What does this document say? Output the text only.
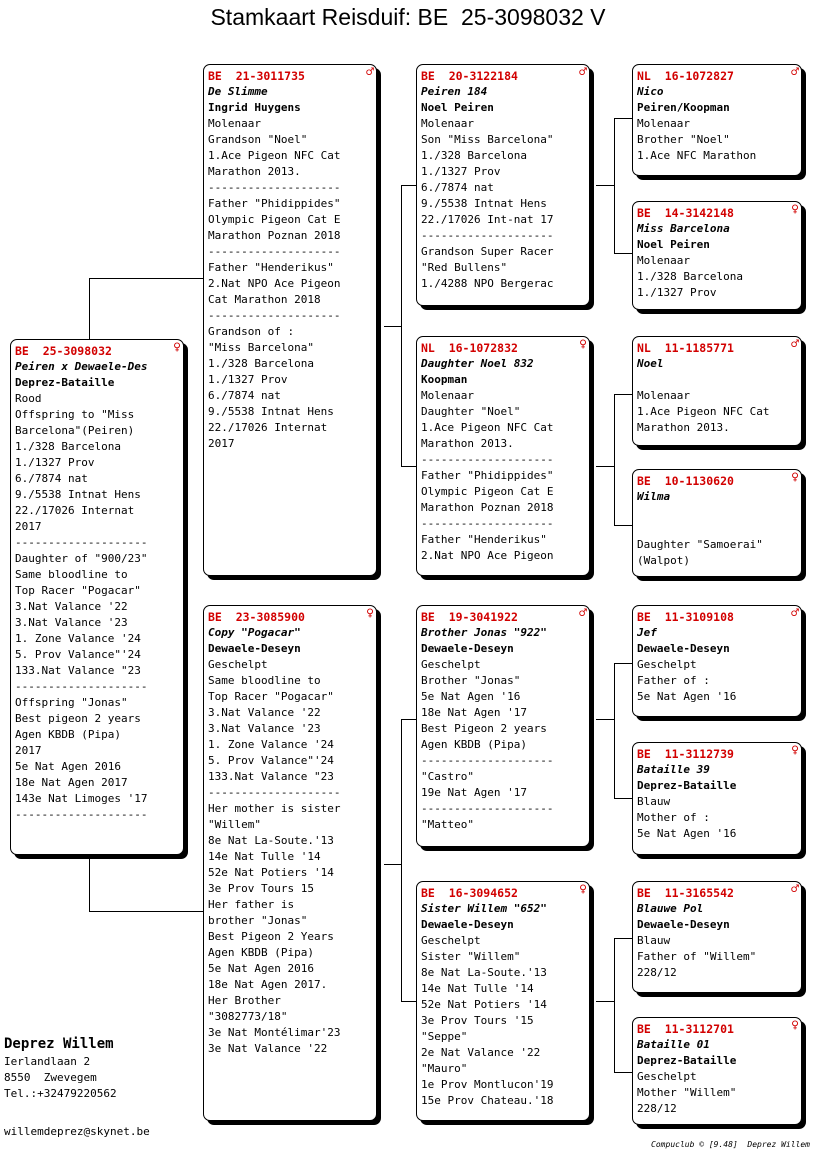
Stamkaart Reisduif: BE  25-3098032 V
BE  25-3098032	♀
Peiren x Dewaele-Des
Deprez-Bataille
Rood
Offspring to "Miss
Barcelona"(Peiren)
1./328 Barcelona
1./1327 Prov
6./7874 nat
9./5538 Intnat Hens
22./17026 Internat
2017
--------------------
Daughter of "900/23"
Same bloodline to
Top Racer "Pogacar"
3.Nat Valance '22
3.Nat Valance '23
1. Zone Valance '24
5. Prov Valance"'24
133.Nat Valance "23
--------------------
Offspring "Jonas"
Best pigeon 2 years
Agen KBDB (Pipa)
2017
5e Nat Agen 2016
18e Nat Agen 2017
143e Nat Limoges '17
--------------------
BE  21-3011735	♂
De Slimme
Ingrid Huygens
Molenaar
Grandson "Noel"
1.Ace Pigeon NFC Cat
Marathon 2013.
--------------------
Father "Phidippides"
Olympic Pigeon Cat E
Marathon Poznan 2018
--------------------
Father "Henderikus"
2.Nat NPO Ace Pigeon
Cat Marathon 2018
--------------------
Grandson of :
"Miss Barcelona"
1./328 Barcelona
1./1327 Prov
6./7874 nat
9./5538 Intnat Hens
22./17026 Internat
2017
BE  23-3085900	♀
Copy "Pogacar"
Dewaele-Deseyn
Geschelpt
Same bloodline to
Top Racer "Pogacar"
3.Nat Valance '22
3.Nat Valance '23
1. Zone Valance '24
5. Prov Valance"'24
133.Nat Valance "23
--------------------
Her mother is sister
"Willem"
8e Nat La-Soute.'13
14e Nat Tulle '14
52e Nat Potiers '14
3e Prov Tours 15
Her father is
brother "Jonas"
Best Pigeon 2 Years
Agen KBDB (Pipa)
5e Nat Agen 2016
18e Nat Agen 2017.
Her Brother
"3082773/18"
3e Nat Montélimar'23
3e Nat Valance '22
BE  20-3122184	♂
Peiren 184
Noel Peiren
Molenaar
Son "Miss Barcelona"
1./328 Barcelona
1./1327 Prov
6./7874 nat
9./5538 Intnat Hens
22./17026 Int-nat 17
--------------------
Grandson Super Racer
"Red Bullens"
1./4288 NPO Bergerac
NL  16-1072832	♀
Daughter Noel 832
Koopman
Molenaar
Daughter "Noel"
1.Ace Pigeon NFC Cat
Marathon 2013.
--------------------
Father "Phidippides"
Olympic Pigeon Cat E
Marathon Poznan 2018
--------------------
Father "Henderikus"
2.Nat NPO Ace Pigeon
BE  19-3041922	♂
Brother Jonas "922"
Dewaele-Deseyn
Geschelpt
Brother "Jonas"
5e Nat Agen '16
18e Nat Agen '17
Best Pigeon 2 years
Agen KBDB (Pipa)
--------------------
"Castro"
19e Nat Agen '17
--------------------
"Matteo"
BE  16-3094652	♀
Sister Willem "652"
Dewaele-Deseyn
Geschelpt
Sister "Willem"
8e Nat La-Soute.'13
14e Nat Tulle '14
52e Nat Potiers '14
3e Prov Tours '15
"Seppe"
2e Nat Valance '22
"Mauro"
1e Prov Montlucon'19
15e Prov Chateau.'18
NL  16-1072827	♂
Nico
Peiren/Koopman
Molenaar
Brother "Noel"
1.Ace NFC Marathon
BE  14-3142148	♀
Miss Barcelona
Noel Peiren
Molenaar
1./328 Barcelona
1./1327 Prov
NL  11-1185771	♂
Noel
Molenaar
1.Ace Pigeon NFC Cat
Marathon 2013.
BE  10-1130620	♀
Wilma
Daughter "Samoerai"
(Walpot)
BE  11-3109108	♂
Jef
Dewaele-Deseyn
Geschelpt
Father of :
5e Nat Agen '16
BE  11-3112739	♀
Bataille 39
Deprez-Bataille
Blauw
Mother of :
5e Nat Agen '16
BE  11-3165542	♂
Blauwe Pol
Dewaele-Deseyn
Blauw
Father of "Willem"
228/12
BE  11-3112701	♀
Bataille 01
Deprez-Bataille
Geschelpt
Mother "Willem"
228/12
Deprez Willem
Ierlandlaan 2
8550  Zwevegem
Tel.:+32479220562
willemdeprez@skynet.be
Compuclub © [9.48]  Deprez Willem
